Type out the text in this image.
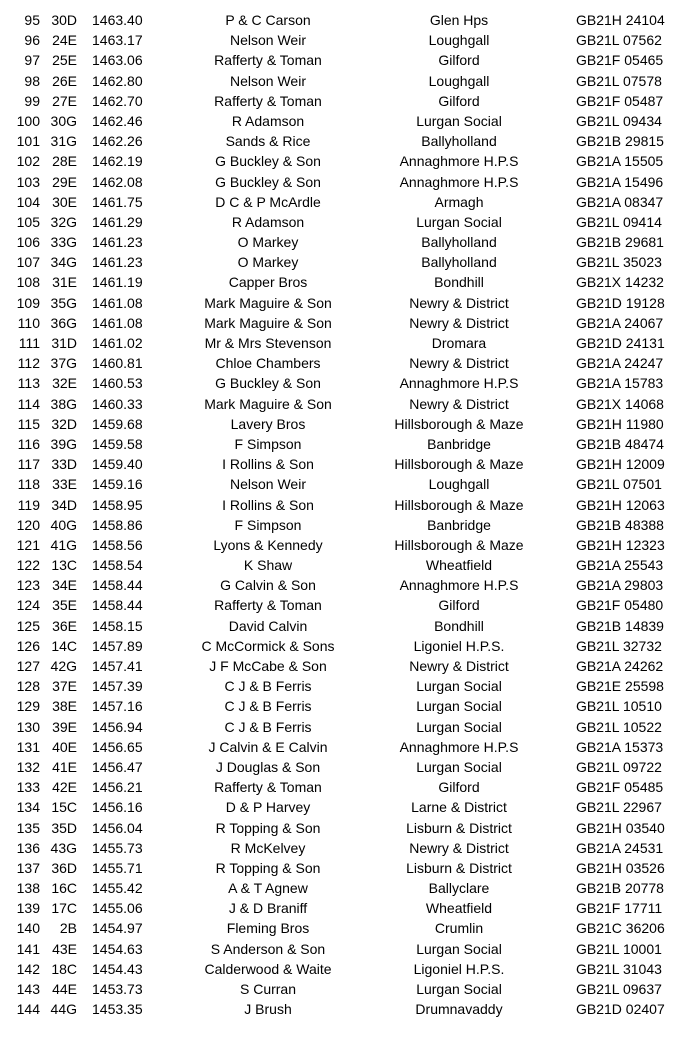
95 30D 1463.40	P & C Carson	Glen Hps	GB21H 24104
96 24E 1463.17	Nelson Weir	Loughgall	GB21L 07562
97 25E 1463.06	Rafferty & Toman	Gilford	GB21F 05465
98 26E 1462.80	Nelson Weir	Loughgall	GB21L 07578
99 27E 1462.70	Rafferty & Toman	Gilford	GB21F 05487
100 30G 1462.46	R Adamson	Lurgan Social	GB21L 09434
101 31G 1462.26	Sands & Rice	Ballyholland	GB21B 29815
102 28E 1462.19	G Buckley & Son	Annaghmore H.P.S	GB21A 15505
103 29E 1462.08	G Buckley & Son	Annaghmore H.P.S	GB21A 15496
104 30E 1461.75	D C & P McArdle	Armagh	GB21A 08347
105 32G 1461.29	R Adamson	Lurgan Social	GB21L 09414
106 33G 1461.23	O Markey	Ballyholland	GB21B 29681
107 34G 1461.23	O Markey	Ballyholland	GB21L 35023
108 31E 1461.19	Capper Bros	Bondhill	GB21X 14232
109 35G 1461.08	Mark Maguire & Son	Newry & District	GB21D 19128
110 36G 1461.08	Mark Maguire & Son	Newry & District	GB21A 24067
111 31D 1461.02	Mr & Mrs Stevenson	Dromara	GB21D 24131
112 37G 1460.81	Chloe Chambers	Newry & District	GB21A 24247
113 32E 1460.53	G Buckley & Son	Annaghmore H.P.S	GB21A 15783
114 38G 1460.33	Mark Maguire & Son	Newry & District	GB21X 14068
115 32D 1459.68	Lavery Bros	Hillsborough & Maze	GB21H 11980
116 39G 1459.58	F Simpson	Banbridge	GB21B 48474
117 33D 1459.40	I Rollins & Son	Hillsborough & Maze	GB21H 12009
118 33E 1459.16	Nelson Weir	Loughgall	GB21L 07501
119 34D 1458.95	I Rollins & Son	Hillsborough & Maze	GB21H 12063
120 40G 1458.86	F Simpson	Banbridge	GB21B 48388
121 41G 1458.56	Lyons & Kennedy	Hillsborough & Maze	GB21H 12323
122 13C 1458.54	K Shaw	Wheatfield	GB21A 25543
123 34E 1458.44	G Calvin & Son	Annaghmore H.P.S	GB21A 29803
124 35E 1458.44	Rafferty & Toman	Gilford	GB21F 05480
125 36E 1458.15	David Calvin	Bondhill	GB21B 14839
126 14C 1457.89	C McCormick & Sons	Ligoniel H.P.S.	GB21L 32732
127 42G 1457.41	J F McCabe & Son	Newry & District	GB21A 24262
128 37E 1457.39	C J & B Ferris	Lurgan Social	GB21E 25598
129 38E 1457.16	C J & B Ferris	Lurgan Social	GB21L 10510
130 39E 1456.94	C J & B Ferris	Lurgan Social	GB21L 10522
131 40E 1456.65	J Calvin & E Calvin	Annaghmore H.P.S	GB21A 15373
132 41E 1456.47	J Douglas & Son	Lurgan Social	GB21L 09722
133 42E 1456.21	Rafferty & Toman	Gilford	GB21F 05485
134 15C 1456.16	D & P Harvey	Larne & District	GB21L 22967
135 35D 1456.04	R Topping & Son	Lisburn & District	GB21H 03540
136 43G 1455.73	R McKelvey	Newry & District	GB21A 24531
137 36D 1455.71	R Topping & Son	Lisburn & District	GB21H 03526
138 16C 1455.42	A & T Agnew	Ballyclare	GB21B 20778
139 17C 1455.06	J & D Braniff	Wheatfield	GB21F 17711
140 2B 1454.97	Fleming Bros	Crumlin	GB21C 36206
141 43E 1454.63	S Anderson & Son	Lurgan Social	GB21L 10001
142 18C 1454.43	Calderwood & Waite	Ligoniel H.P.S.	GB21L 31043
143 44E 1453.73	S Curran	Lurgan Social	GB21L 09637
144 44G 1453.35	J Brush	Drumnavaddy	GB21D 02407
